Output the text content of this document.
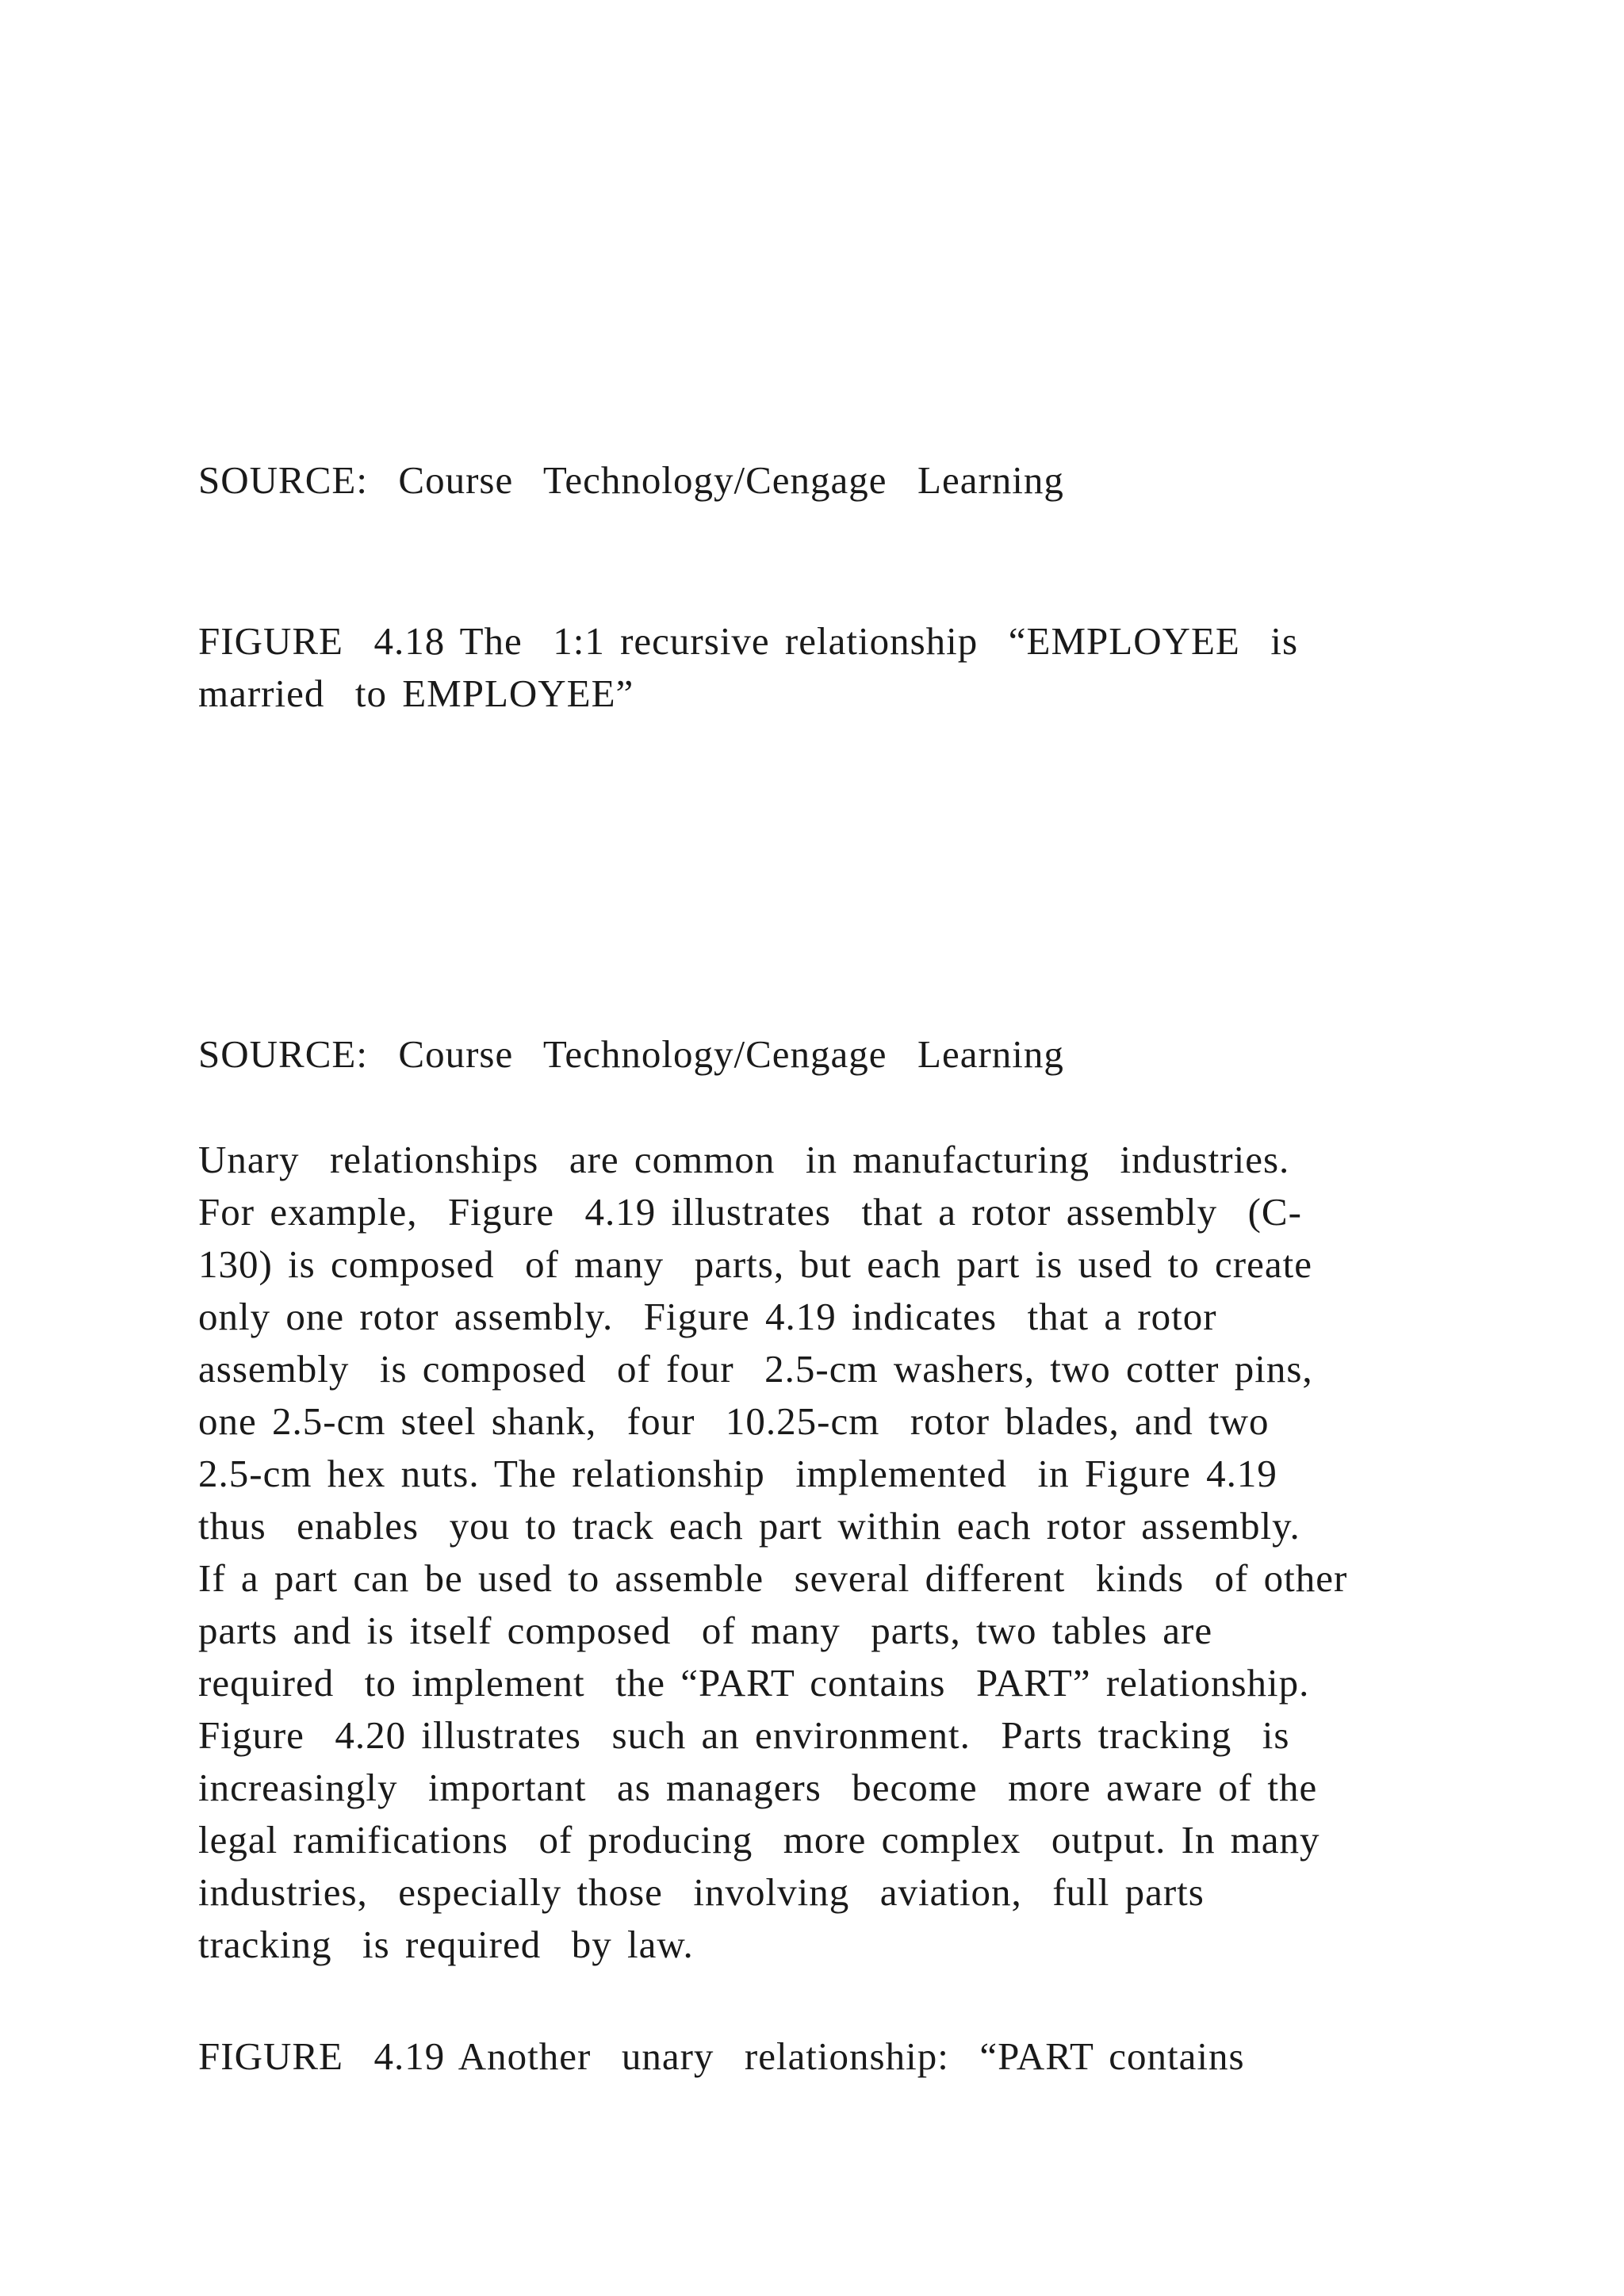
SOURCE:  Course  Technology/Cengage  Learning

FIGURE  4.18 The  1:1 recursive relationship  “EMPLOYEE  is
married  to EMPLOYEE”

SOURCE:  Course  Technology/Cengage  Learning

Unary  relationships  are common  in manufacturing  industries.
For example,  Figure  4.19 illustrates  that a rotor assembly  (C-
130) is composed  of many  parts, but each part is used to create
only one rotor assembly.  Figure 4.19 indicates  that a rotor
assembly  is composed  of four  2.5-cm washers, two cotter pins,
one 2.5-cm steel shank,  four  10.25-cm  rotor blades, and two
2.5-cm hex nuts. The relationship  implemented  in Figure 4.19
thus  enables  you to track each part within each rotor assembly.
If a part can be used to assemble  several different  kinds  of other
parts and is itself composed  of many  parts, two tables are
required  to implement  the “PART contains  PART” relationship.
Figure  4.20 illustrates  such an environment.  Parts tracking  is
increasingly  important  as managers  become  more aware of the
legal ramifications  of producing  more complex  output. In many
industries,  especially those  involving  aviation,  full parts
tracking  is required  by law.

FIGURE  4.19 Another  unary  relationship:  “PART contains
